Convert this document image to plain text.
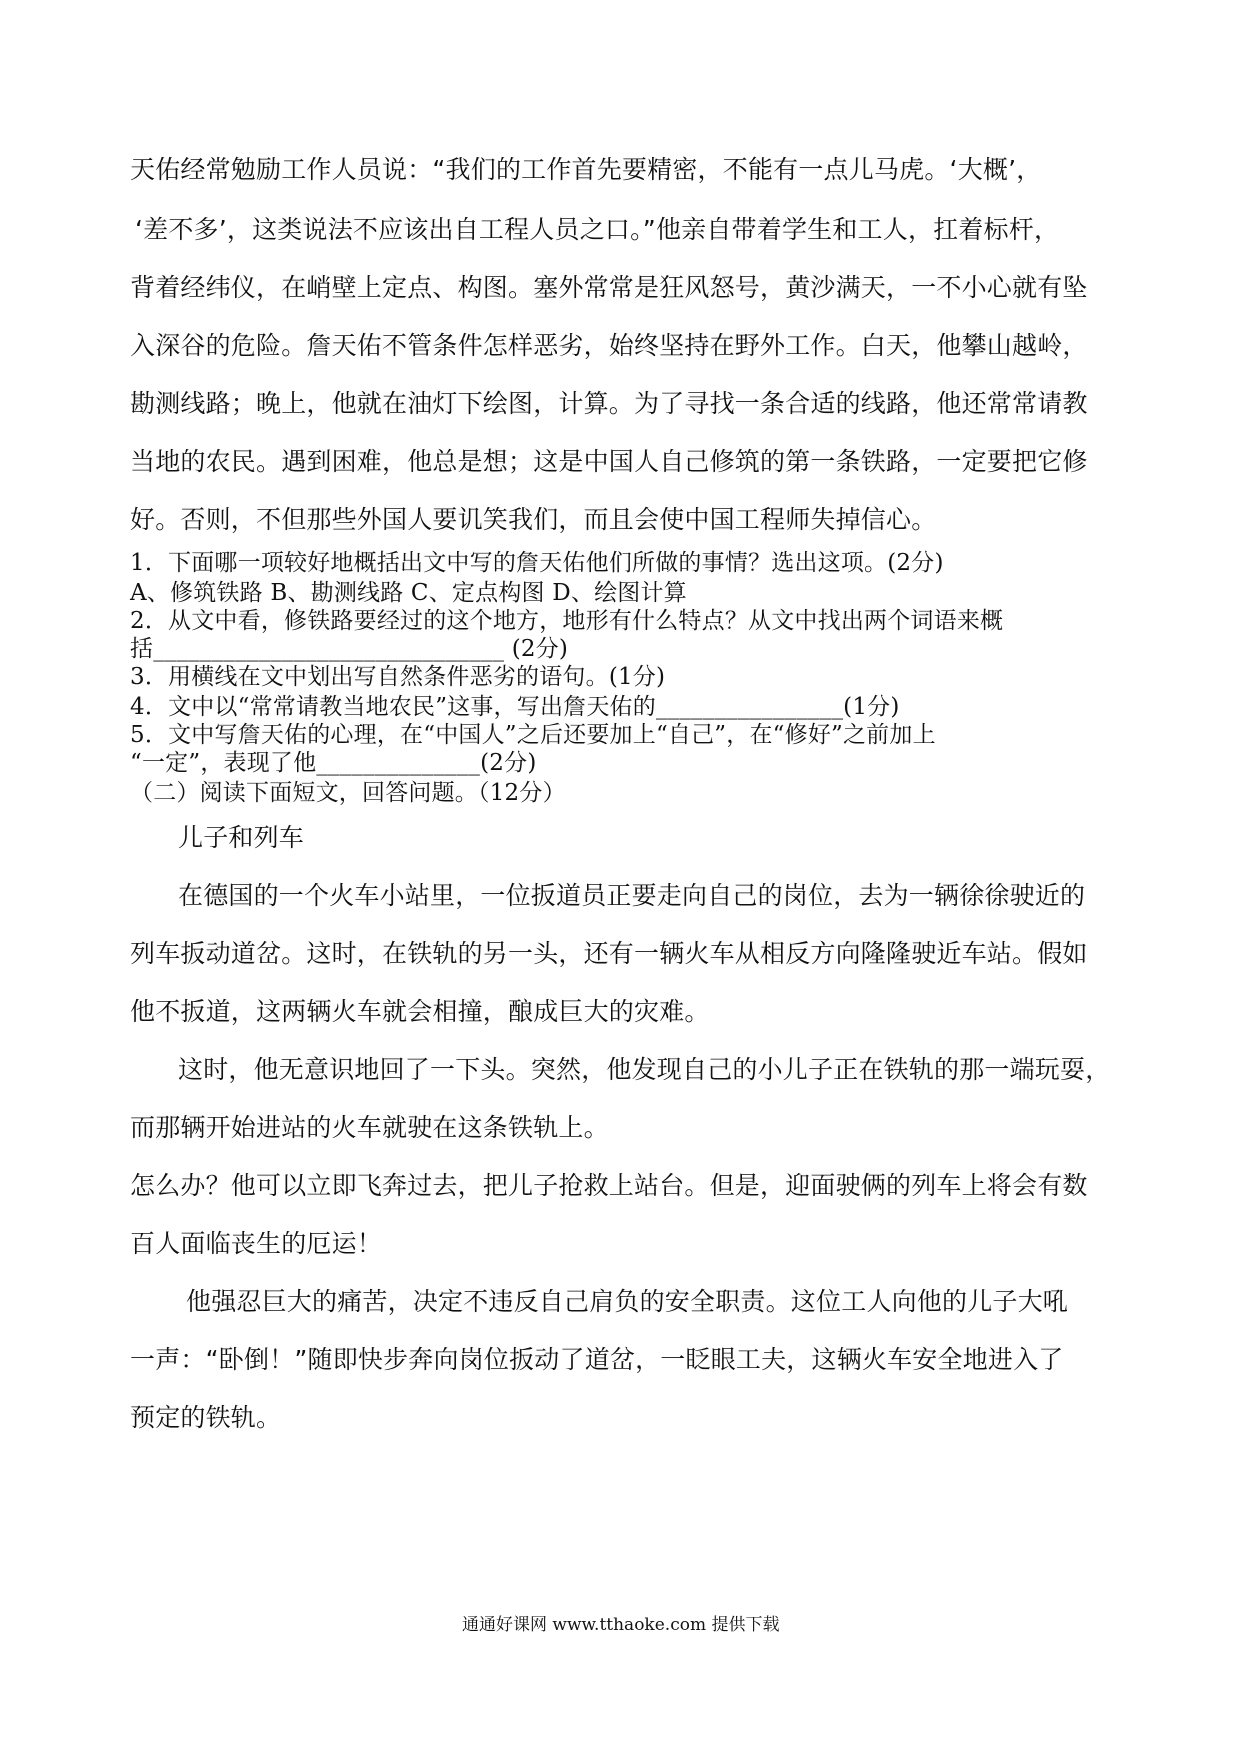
天佑经常勉励工作人员说：“我们的工作首先要精密，不能有一点儿马虎。‘大概’，
‘差不多’，这类说法不应该出自工程人员之口。”他亲自带着学生和工人，扛着标杆，
背着经纬仪，在峭壁上定点、构图。塞外常常是狂风怒号，黄沙满天，一不小心就有坠
入深谷的危险。詹天佑不管条件怎样恶劣，始终坚持在野外工作。白天，他攀山越岭，
勘测线路；晚上，他就在油灯下绘图，计算。为了寻找一条合适的线路，他还常常请教
当地的农民。遇到困难，他总是想；这是中国人自己修筑的第一条铁路，一定要把它修
好。否则，不但那些外国人要讥笑我们，而且会使中国工程师失掉信心。
1．下面哪一项较好地概括出文中写的詹天佑他们所做的事情？选出这项。(2分)
A、修筑铁路 B、勘测线路 C、定点构图 D、绘图计算
2．从文中看，修铁路要经过的这个地方，地形有什么特点？从文中找出两个词语来概
括______________________________ (2分)
3．用横线在文中划出写自然条件恶劣的语句。(1分)
4．文中以“常常请教当地农民”这事，写出詹天佑的________________(1分)
5．文中写詹天佑的心理，在“中国人”之后还要加上“自己”，在“修好”之前加上
“一定”，表现了他______________(2分)
（二）阅读下面短文，回答问题。（12分）
儿子和列车
在德国的一个火车小站里，一位扳道员正要走向自己的岗位，去为一辆徐徐驶近的
列车扳动道岔。这时，在铁轨的另一头，还有一辆火车从相反方向隆隆驶近车站。假如
他不扳道，这两辆火车就会相撞，酿成巨大的灾难。
这时，他无意识地回了一下头。突然，他发现自己的小儿子正在铁轨的那一端玩耍，
而那辆开始进站的火车就驶在这条铁轨上。
怎么办？他可以立即飞奔过去，把儿子抢救上站台。但是，迎面驶俩的列车上将会有数
百人面临丧生的厄运！
他强忍巨大的痛苦，决定不违反自己肩负的安全职责。这位工人向他的儿子大吼
一声：“卧倒！”随即快步奔向岗位扳动了道岔，一眨眼工夫，这辆火车安全地进入了
预定的铁轨。
通通好课网 www.tthaoke.com 提供下载
